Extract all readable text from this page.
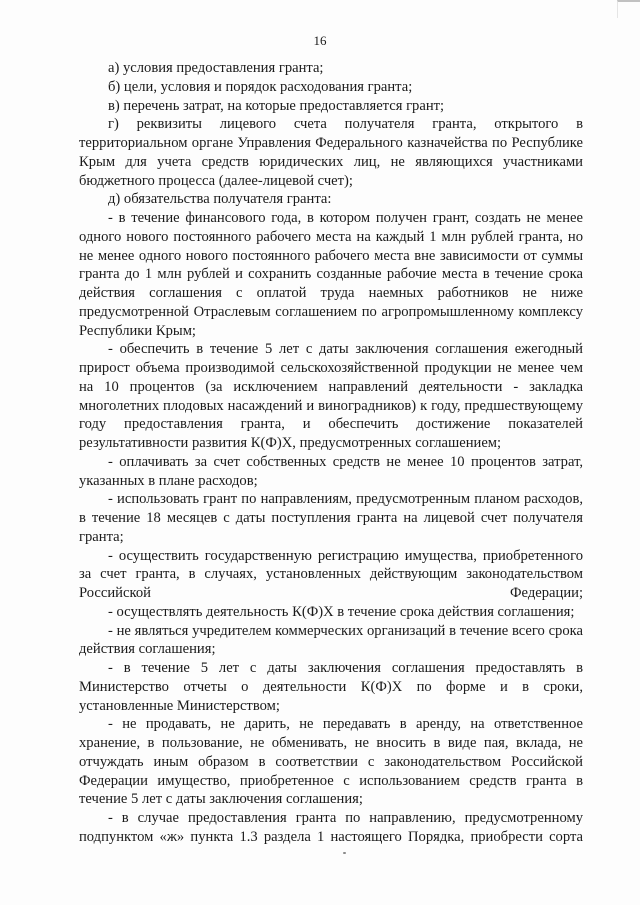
16

а) условия предоставления гранта;

б) цели, условия и порядок расходования гранта;

в) перечень затрат, на которые предоставляется грант;

г) реквизиты лицевого счета получателя гранта, открытого в территориальном органе Управления Федерального казначейства по Республике Крым для учета средств юридических лиц, не являющихся участниками бюджетного процесса (далее-лицевой счет);

д) обязательства получателя гранта:

- в течение финансового года, в котором получен грант, создать не менее одного нового постоянного рабочего места на каждый 1 млн рублей гранта, но не менее одного нового постоянного рабочего места вне зависимости от суммы гранта до 1 млн рублей и сохранить созданные рабочие места в течение срока действия соглашения с оплатой труда наемных работников не ниже предусмотренной Отраслевым соглашением по агропромышленному комплексу Республики Крым;

- обеспечить в течение 5 лет с даты заключения соглашения ежегодный прирост объема производимой сельскохозяйственной продукции не менее чем на 10 процентов (за исключением направлений деятельности - закладка многолетних плодовых насаждений и виноградников) к году, предшествующему году предоставления гранта, и обеспечить достижение показателей результативности развития К(Ф)Х, предусмотренных соглашением;

- оплачивать за счет собственных средств не менее 10 процентов затрат, указанных в плане расходов;

- использовать грант по направлениям, предусмотренным планом расходов, в течение 18 месяцев с даты поступления гранта на лицевой счет получателя гранта;

- осуществить государственную регистрацию имущества, приобретенного за счет гранта, в случаях, установленных действующим законодательством Российской Федерации;

- осуществлять деятельность К(Ф)Х в течение срока действия соглашения;

- не являться учредителем коммерческих организаций в течение всего срока действия соглашения;

- в течение 5 лет с даты заключения соглашения предоставлять в Министерство отчеты о деятельности К(Ф)Х по форме и в сроки, установленные Министерством;

- не продавать, не дарить, не передавать в аренду, на ответственное хранение, в пользование, не обменивать, не вносить в виде пая, вклада, не отчуждать иным образом в соответствии с законодательством Российской Федерации имущество, приобретенное с использованием средств гранта в течение 5 лет с даты заключения соглашения;

- в случае предоставления гранта по направлению, предусмотренному подпунктом «ж» пункта 1.3 раздела 1 настоящего Порядка, приобрести сорта
